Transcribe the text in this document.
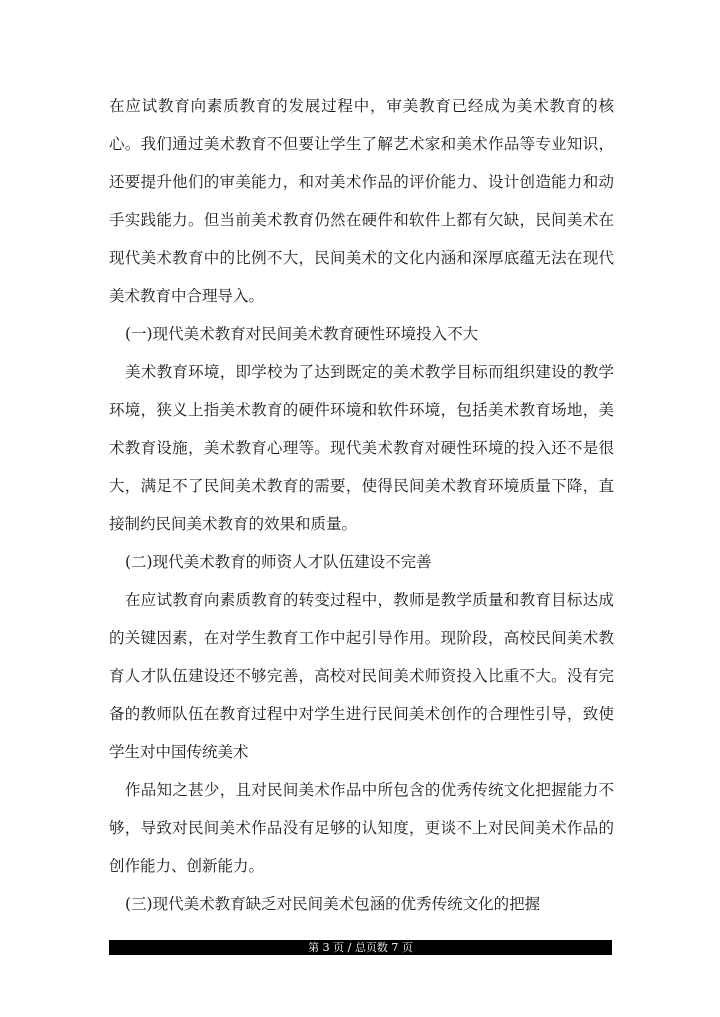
在应试教育向素质教育的发展过程中，审美教育已经成为美术教育的核
心。我们通过美术教育不但要让学生了解艺术家和美术作品等专业知识，
还要提升他们的审美能力，和对美术作品的评价能力、设计创造能力和动
手实践能力。但当前美术教育仍然在硬件和软件上都有欠缺，民间美术在
现代美术教育中的比例不大，民间美术的文化内涵和深厚底蕴无法在现代
美术教育中合理导入。
(一)现代美术教育对民间美术教育硬性环境投入不大
美术教育环境，即学校为了达到既定的美术教学目标而组织建设的教学
环境，狭义上指美术教育的硬件环境和软件环境，包括美术教育场地，美
术教育设施，美术教育心理等。现代美术教育对硬性环境的投入还不是很
大，满足不了民间美术教育的需要，使得民间美术教育环境质量下降，直
接制约民间美术教育的效果和质量。
(二)现代美术教育的师资人才队伍建设不完善
在应试教育向素质教育的转变过程中，教师是教学质量和教育目标达成
的关键因素，在对学生教育工作中起引导作用。现阶段，高校民间美术教
育人才队伍建设还不够完善，高校对民间美术师资投入比重不大。没有完
备的教师队伍在教育过程中对学生进行民间美术创作的合理性引导，致使
学生对中国传统美术
作品知之甚少，且对民间美术作品中所包含的优秀传统文化把握能力不
够，导致对民间美术作品没有足够的认知度，更谈不上对民间美术作品的
创作能力、创新能力。
(三)现代美术教育缺乏对民间美术包涵的优秀传统文化的把握
第 3 页 / 总页数 7 页
